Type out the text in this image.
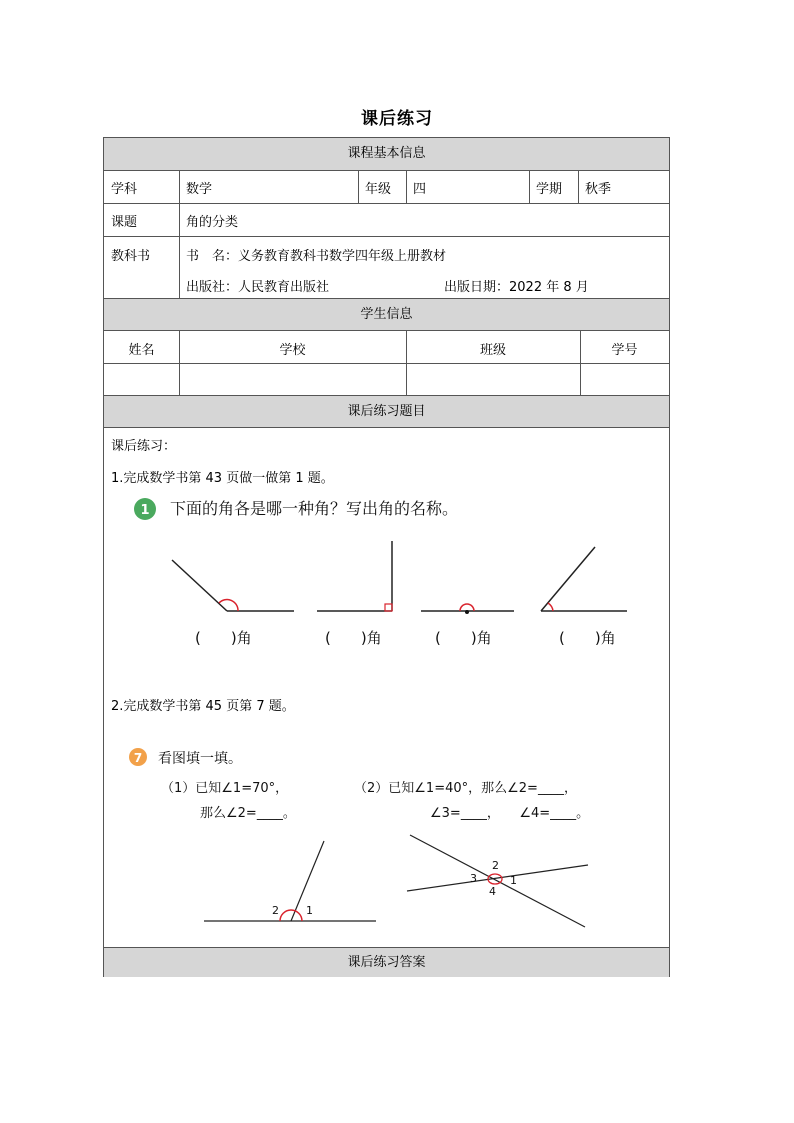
课后练习
课程基本信息
学科	数学	年级 四	学期 秋季
课题	角的分类
教科书	书　名：义务教育教科书数学四年级上册教材
出版社：人民教育出版社	出版日期：2022 年 8 月
学生信息
姓名	学校	班级	学号
课后练习题目
课后练习：
1.完成数学书第 43 页做一做第 1 题。
1 下面的角各是哪一种角？写出角的名称。
(　　)角	(　　)角	(　　)角	(　　)角
2.完成数学书第 45 页第 7 题。
7 看图填一填。
（1）已知∠1=70°，
那么∠2=____。
（2）已知∠1=40°，那么∠2=____，
∠3=____，　　∠4=____。
2 1
2
3	1
4
课后练习答案
